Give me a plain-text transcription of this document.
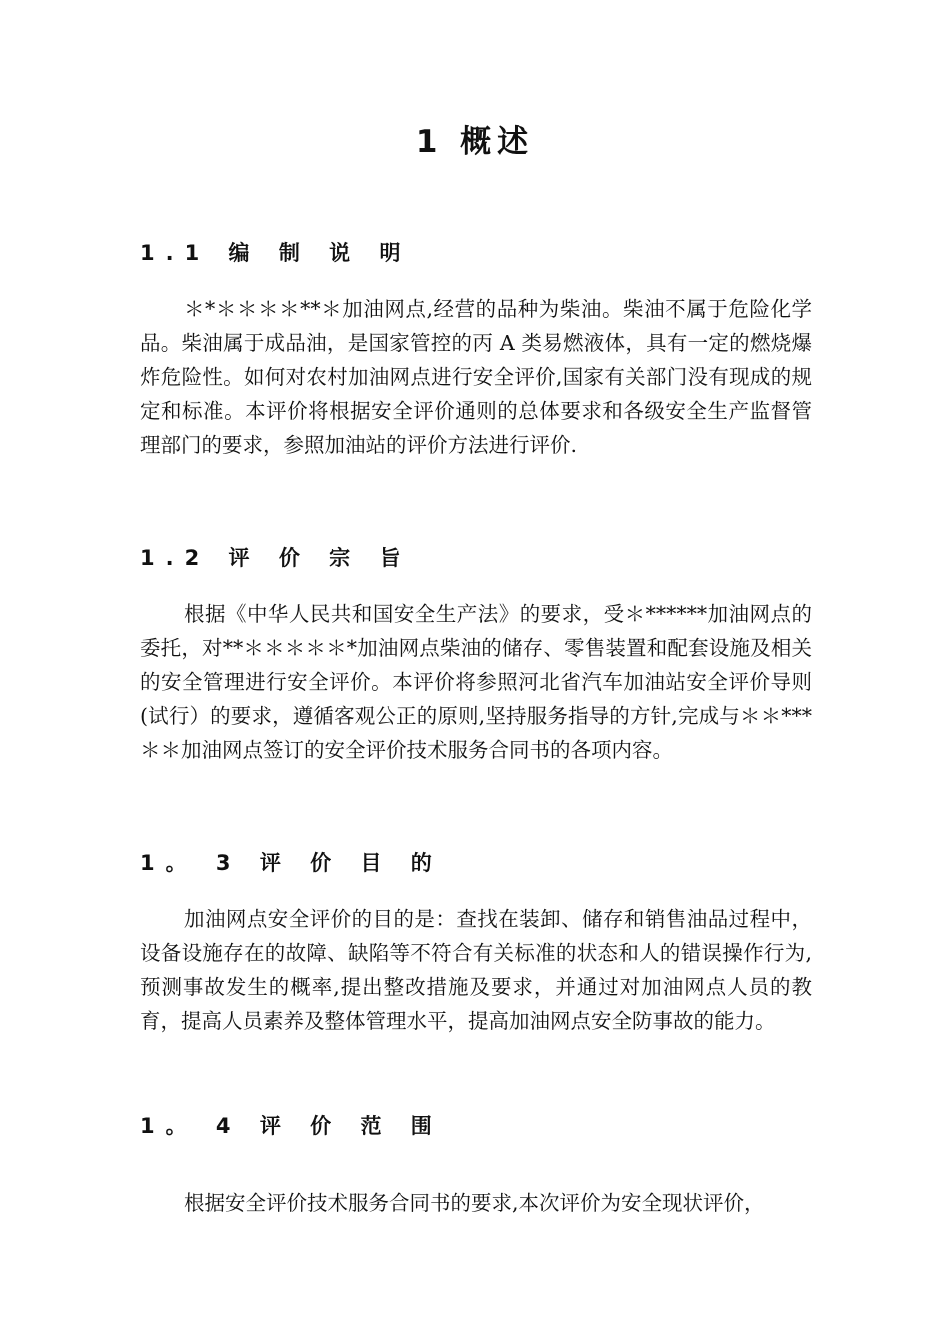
1 概述
1.1 编 制 说 明
＊*＊＊＊＊**＊加油网点,经营的品种为柴油。柴油不属于危险化学品。柴油属于成品油，是国家管控的丙 A 类易燃液体，具有一定的燃烧爆炸危险性。如何对农村加油网点进行安全评价,国家有关部门没有现成的规定和标准。本评价将根据安全评价通则的总体要求和各级安全生产监督管理部门的要求，参照加油站的评价方法进行评价.
1.2 评 价 宗 旨
根据《中华人民共和国安全生产法》的要求，受＊******加油网点的委托，对**＊＊＊＊＊*加油网点柴油的储存、零售装置和配套设施及相关的安全管理进行安全评价。本评价将参照河北省汽车加油站安全评价导则(试行）的要求，遵循客观公正的原则,坚持服务指导的方针,完成与＊＊***＊＊加油网点签订的安全评价技术服务合同书的各项内容。
1。 3 评 价 目 的
加油网点安全评价的目的是：查找在装卸、储存和销售油品过程中，设备设施存在的故障、缺陷等不符合有关标准的状态和人的错误操作行为,预测事故发生的概率,提出整改措施及要求，并通过对加油网点人员的教育，提高人员素养及整体管理水平，提高加油网点安全防事故的能力。
1。 4 评 价 范 围
根据安全评价技术服务合同书的要求,本次评价为安全现状评价，
